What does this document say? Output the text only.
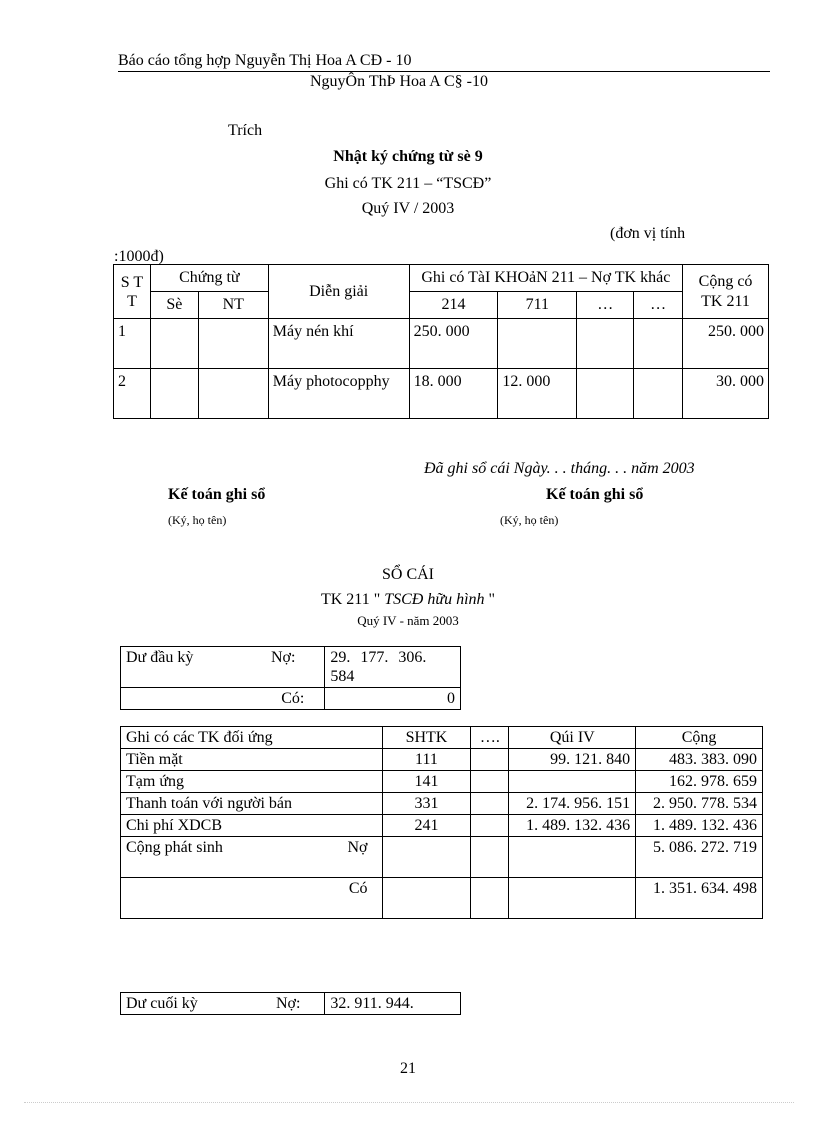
Báo cáo tổng hợp Nguyễn Thị Hoa A CĐ - 10
NguyÔn ThÞ Hoa A C§ -10
Trích
Nhật ký chứng từ sè 9
Ghi có TK 211 – “TSCĐ”
Quý IV / 2003
(đơn vị tính
:1000đ)
S T T	Chứng từ		Diễn giải	Ghi có TàI KHOảN 211 – Nợ TK khác				Cộng có TK 211
	Sè	NT		214	711	…	…	
1			Máy nén khí	250. 000				250. 000
2			Máy photocopphy	18. 000	12. 000			30. 000
Đã ghi sổ cái Ngày. . . tháng. . . năm 2003
Kế toán ghi sổ	Kế toán ghi sổ
(Ký, họ tên)	(Ký, họ tên)
SỔ CÁI
TK 211 " TSCĐ hữu hình "
Quý IV - năm 2003
Dư đầu kỳ Nợ:	29. 177. 306. 584
Có:	0
Ghi có các TK đối ứng	SHTK	….	Qúi IV	Cộng
Tiền mặt	111		99. 121. 840	483. 383. 090
Tạm ứng	141			162. 978. 659
Thanh toán với người bán	331		2. 174. 956. 151	2. 950. 778. 534
Chi phí XDCB	241		1. 489. 132. 436	1. 489. 132. 436
Cộng phát sinh Nợ				5. 086. 272. 719
Có				1. 351. 634. 498
Dư cuối kỳ	Nợ:	32. 911. 944.
21
